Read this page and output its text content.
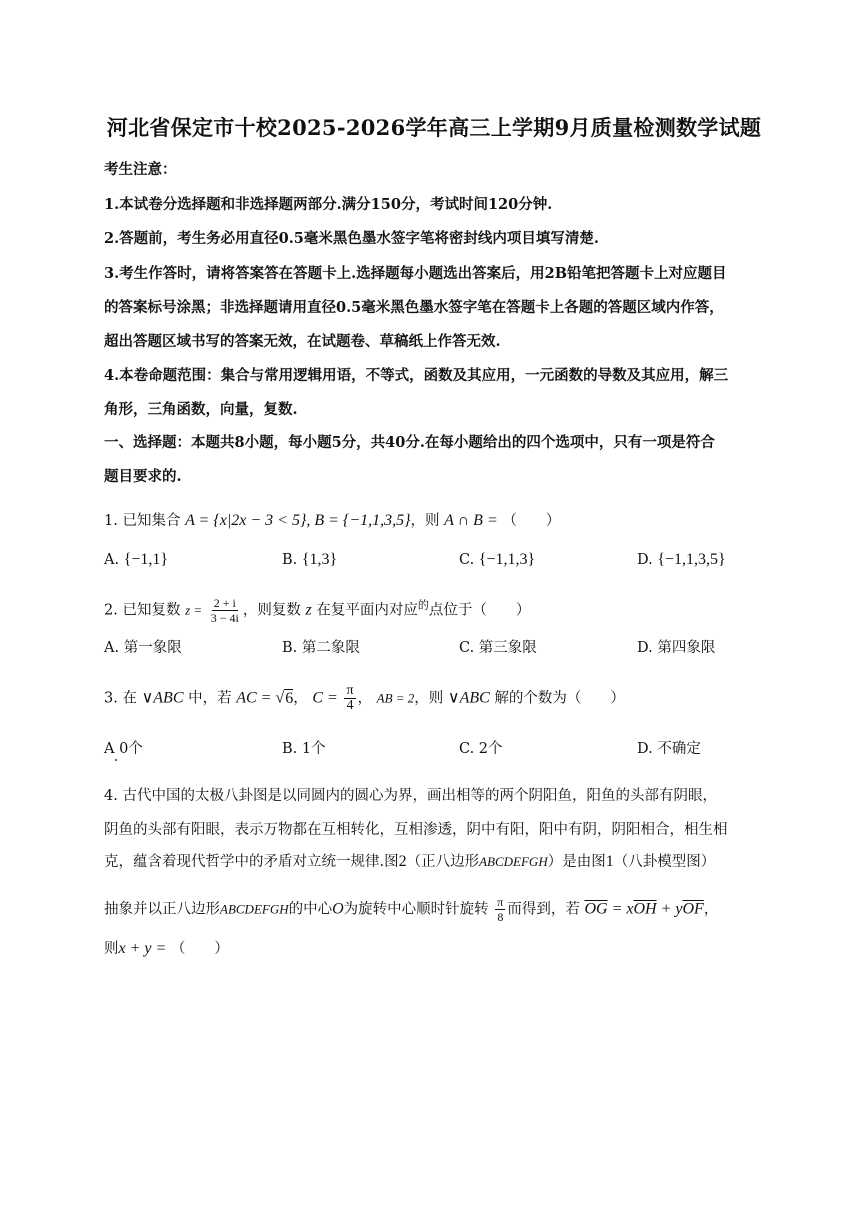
河北省保定市十校2025-2026学年高三上学期9月质量检测数学试题
考生注意：
1.本试卷分选择题和非选择题两部分.满分150分，考试时间120分钟.
2.答题前，考生务必用直径0.5毫米黑色墨水签字笔将密封线内项目填写清楚.
3.考生作答时，请将答案答在答题卡上.选择题每小题选出答案后，用2B铅笔把答题卡上对应题目
的答案标号涂黑；非选择题请用直径0.5毫米黑色墨水签字笔在答题卡上各题的答题区域内作答，
超出答题区域书写的答案无效，在试题卷、草稿纸上作答无效.
4.本卷命题范围：集合与常用逻辑用语，不等式，函数及其应用，一元函数的导数及其应用，解三
角形，三角函数，向量，复数.
一、选择题：本题共8小题，每小题5分，共40分.在每小题给出的四个选项中，只有一项是符合
题目要求的.
1. 已知集合 A = {x|2x − 3 < 5}, B = {−1,1,3,5}，则 A ∩ B = （　　）
A. {−1,1}	B. {1,3}	C. {−1,1,3}	D. {−1,1,3,5}
2. 已知复数 $z = \frac{2 + i}{3 - 4i}$ ，则复数 z 在复平面内对应$^的$点位于（　　）
A. 第一象限	B. 第二象限	C. 第三象限	D. 第四象限
3. 在 ∨ABC 中，若 AC = √6， $C = \frac{\pi}{4}$ ， AB = 2，则 ∨ABC 解的个数为（　　）
A 0个	B. 1个	C. 2个	D. 不确定
4. 古代中国的太极八卦图是以同圆内的圆心为界，画出相等的两个阴阳鱼，阳鱼的头部有阴眼，
阴鱼的头部有阳眼，表示万物都在互相转化，互相渗透，阴中有阳，阳中有阴，阴阳相合，相生相
克，蕴含着现代哲学中的矛盾对立统一规律.图2（正八边形ABCDEFGH）是由图1（八卦模型图）
抽象并以正八边形ABCDEFGH的中心O为旋转中心顺时针旋转 $\frac{\pi}{8}$ 而得到，若 $\overline{OG} = x\overline{OH} + y\overline{OF}$，
则x + y = （　　）
